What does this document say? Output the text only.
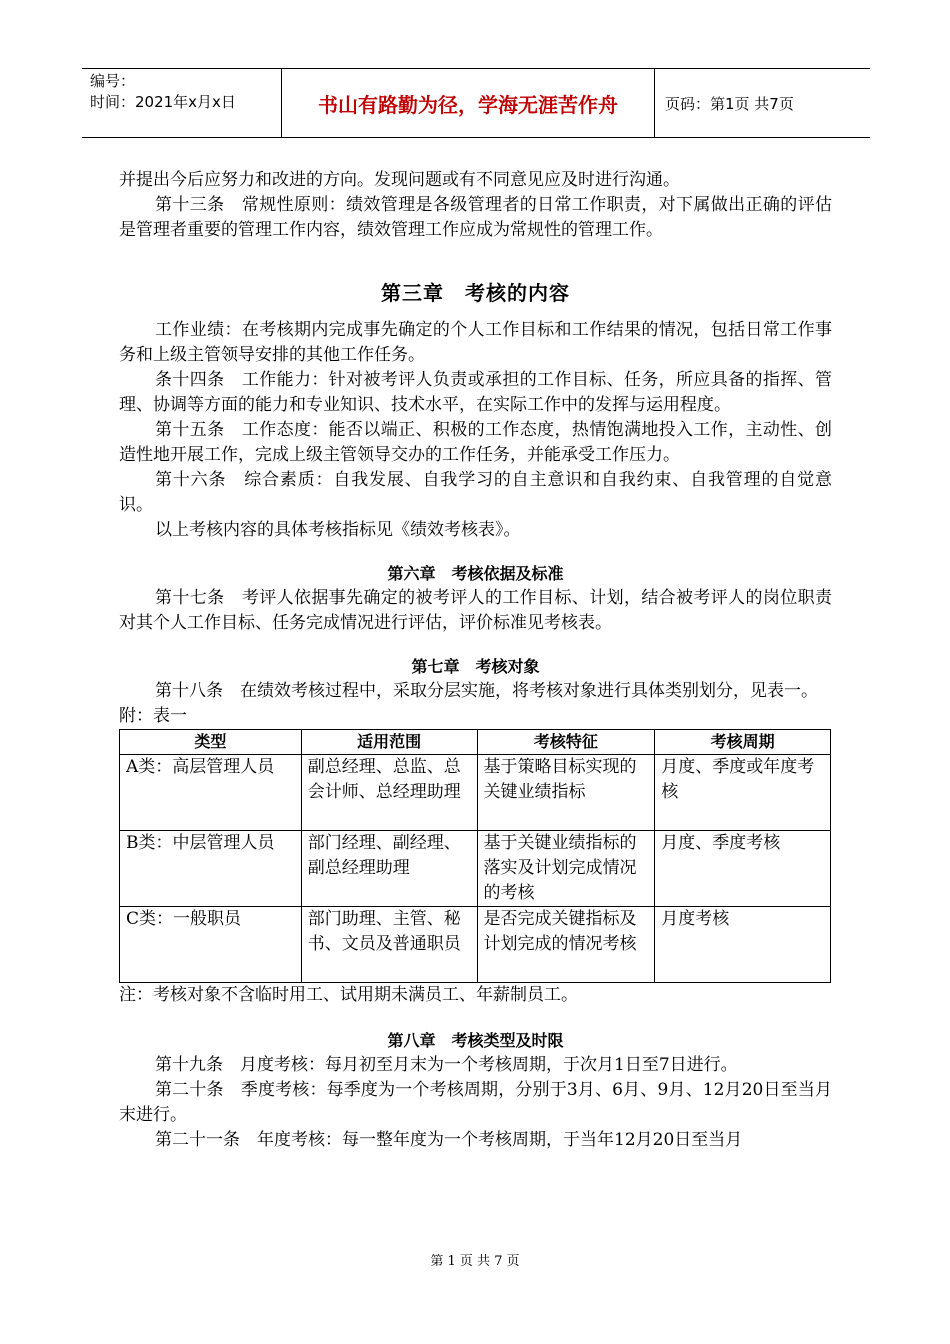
编号：
时间：2021年x月x日	书山有路勤为径，学海无涯苦作舟	页码：第1页 共7页

并提出今后应努力和改进的方向。发现问题或有不同意见应及时进行沟通。

第十三条　常规性原则：绩效管理是各级管理者的日常工作职责，对下属做出正确的评估是管理者重要的管理工作内容，绩效管理工作应成为常规性的管理工作。

第三章　考核的内容

工作业绩：在考核期内完成事先确定的个人工作目标和工作结果的情况，包括日常工作事务和上级主管领导安排的其他工作任务。

条十四条　工作能力：针对被考评人负责或承担的工作目标、任务，所应具备的指挥、管理、协调等方面的能力和专业知识、技术水平，在实际工作中的发挥与运用程度。

第十五条　工作态度：能否以端正、积极的工作态度，热情饱满地投入工作，主动性、创造性地开展工作，完成上级主管领导交办的工作任务，并能承受工作压力。

第十六条　综合素质：自我发展、自我学习的自主意识和自我约束、自我管理的自觉意识。

以上考核内容的具体考核指标见《绩效考核表》。

第六章　考核依据及标准

第十七条　考评人依据事先确定的被考评人的工作目标、计划，结合被考评人的岗位职责对其个人工作目标、任务完成情况进行评估，评价标准见考核表。

第七章　考核对象

第十八条　在绩效考核过程中，采取分层实施，将考核对象进行具体类别划分，见表一。

附：表一

类型	适用范围	考核特征	考核周期
A类：高层管理人员	副总经理、总监、总会计师、总经理助理	基于策略目标实现的关键业绩指标	月度、季度或年度考核
B类：中层管理人员	部门经理、副经理、副总经理助理	基于关键业绩指标的落实及计划完成情况的考核	月度、季度考核
C类：一般职员	部门助理、主管、秘书、文员及普通职员	是否完成关键指标及计划完成的情况考核	月度考核

注：考核对象不含临时用工、试用期未满员工、年薪制员工。

第八章　考核类型及时限

第十九条　月度考核：每月初至月末为一个考核周期，于次月1日至7日进行。

第二十条　季度考核：每季度为一个考核周期，分别于3月、6月、9月、12月20日至当月末进行。

第二十一条　年度考核：每一整年度为一个考核周期，于当年12月20日至当月

第 1 页 共 7 页
